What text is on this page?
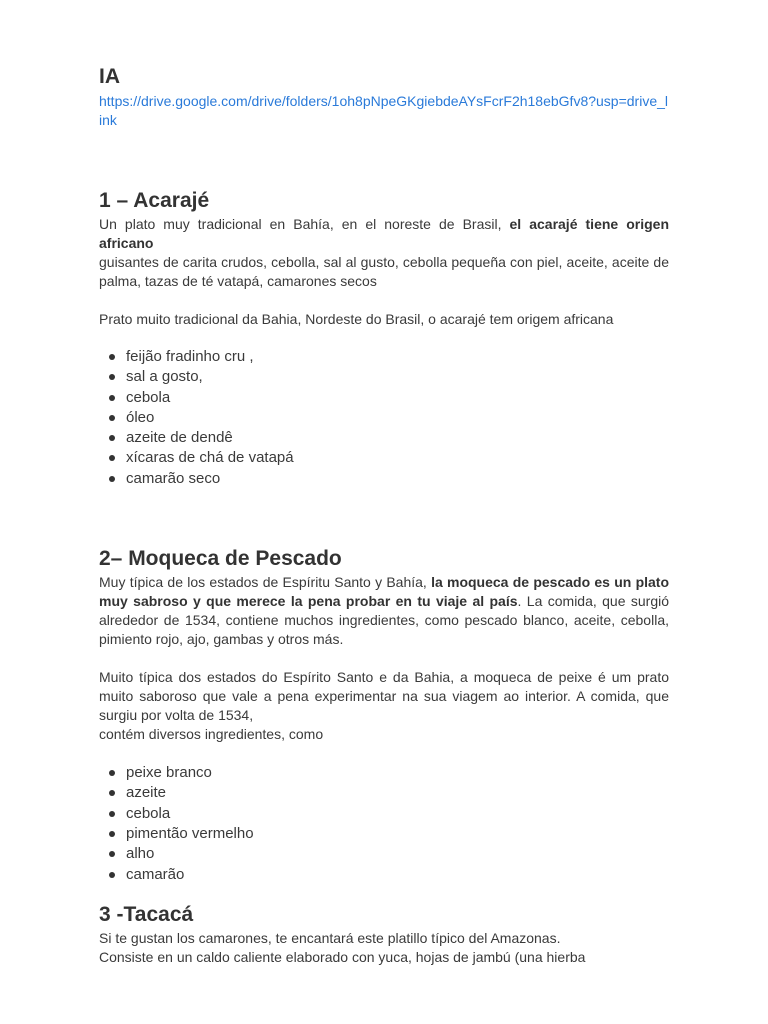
IA
https://drive.google.com/drive/folders/1oh8pNpeGKgiebdeAYsFcrF2h18ebGfv8?usp=drive_link
1 – Acarajé

Un plato muy tradicional en Bahía, en el noreste de Brasil, el acarajé tiene origen africano
guisantes de carita crudos, cebolla, sal al gusto, cebolla pequeña con piel, aceite, aceite de palma, tazas de té vatapá, camarones secos

Prato muito tradicional da Bahia, Nordeste do Brasil, o acarajé tem origem africana

feijão fradinho cru ,
sal a gosto,
cebola
óleo
azeite de dendê
xícaras de chá de vatapá
camarão seco
2– Moqueca de Pescado

Muy típica de los estados de Espíritu Santo y Bahía, la moqueca de pescado es un plato muy sabroso y que merece la pena probar en tu viaje al país. La comida, que surgió alrededor de 1534, contiene muchos ingredientes, como pescado blanco, aceite, cebolla, pimiento rojo, ajo, gambas y otros más.

Muito típica dos estados do Espírito Santo e da Bahia, a moqueca de peixe é um prato muito saboroso que vale a pena experimentar na sua viagem ao interior. A comida, que surgiu por volta de 1534,
contém diversos ingredientes, como

peixe branco
azeite
cebola
pimentão vermelho
alho
camarão
3 -Tacacá

Si te gustan los camarones, te encantará este platillo típico del Amazonas.
Consiste en un caldo caliente elaborado con yuca, hojas de jambú (una hierba
